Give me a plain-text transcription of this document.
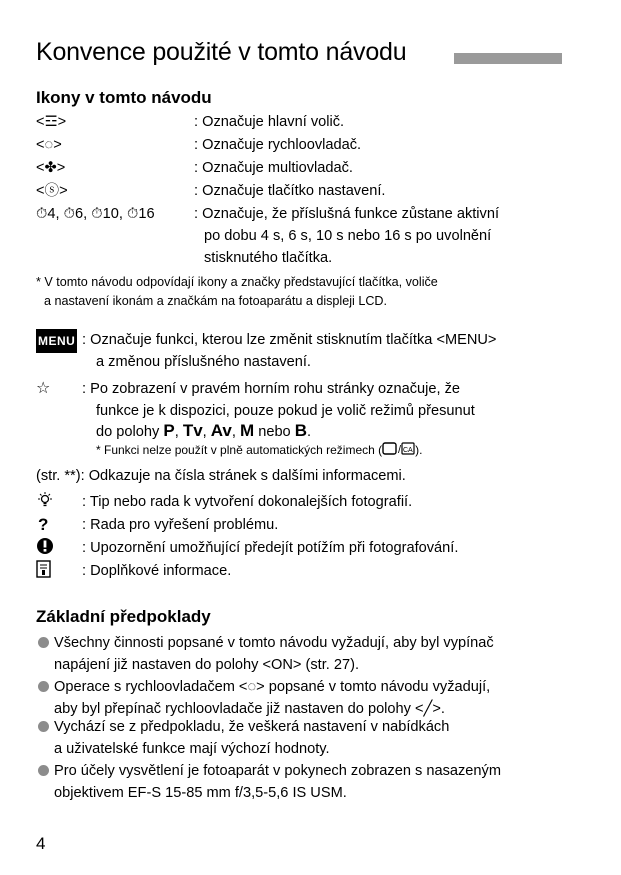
Konvence použité v tomto návodu
Ikony v tomto návodu
<☲>	: Označuje hlavní volič.
<◌>	: Označuje rychloovladač.
<✤>	: Označuje multiovladač.
<ⓢ>	: Označuje tlačítko nastavení.
⏱4, ⏱6, ⏱10, ⏱16	: Označuje, že příslušná funkce zůstane aktivní
po dobu 4 s, 6 s, 10 s nebo 16 s po uvolnění
stisknutého tlačítka.
* V tomto návodu odpovídají ikony a značky představující tlačítka, voliče
a nastavení ikonám a značkám na fotoaparátu a displeji LCD.
MENU : Označuje funkci, kterou lze změnit stisknutím tlačítka <MENU>
a změnou příslušného nastavení.
☆ : Po zobrazení v pravém horním rohu stránky označuje, že
funkce je k dispozici, pouze pokud je volič režimů přesunut
do polohy P, Tv, Av, M nebo B.
* Funkci nelze použít v plně automatických režimech ( / CA ).
(str. **): Odkazuje na čísla stránek s dalšími informacemi.
: Tip nebo rada k vytvoření dokonalejších fotografií.
? : Rada pro vyřešení problému.
: Upozornění umožňující předejít potížím při fotografování.
: Doplňkové informace.
Základní předpoklady
Všechny činnosti popsané v tomto návodu vyžadují, aby byl vypínač
napájení již nastaven do polohy <ON> (str. 27).
Operace s rychloovladačem <◌> popsané v tomto návodu vyžadují,
aby byl přepínač rychloovladače již nastaven do polohy <╱>.
Vychází se z předpokladu, že veškerá nastavení v nabídkách
a uživatelské funkce mají výchozí hodnoty.
Pro účely vysvětlení je fotoaparát v pokynech zobrazen s nasazeným
objektivem EF-S 15-85 mm f/3,5-5,6 IS USM.
4
